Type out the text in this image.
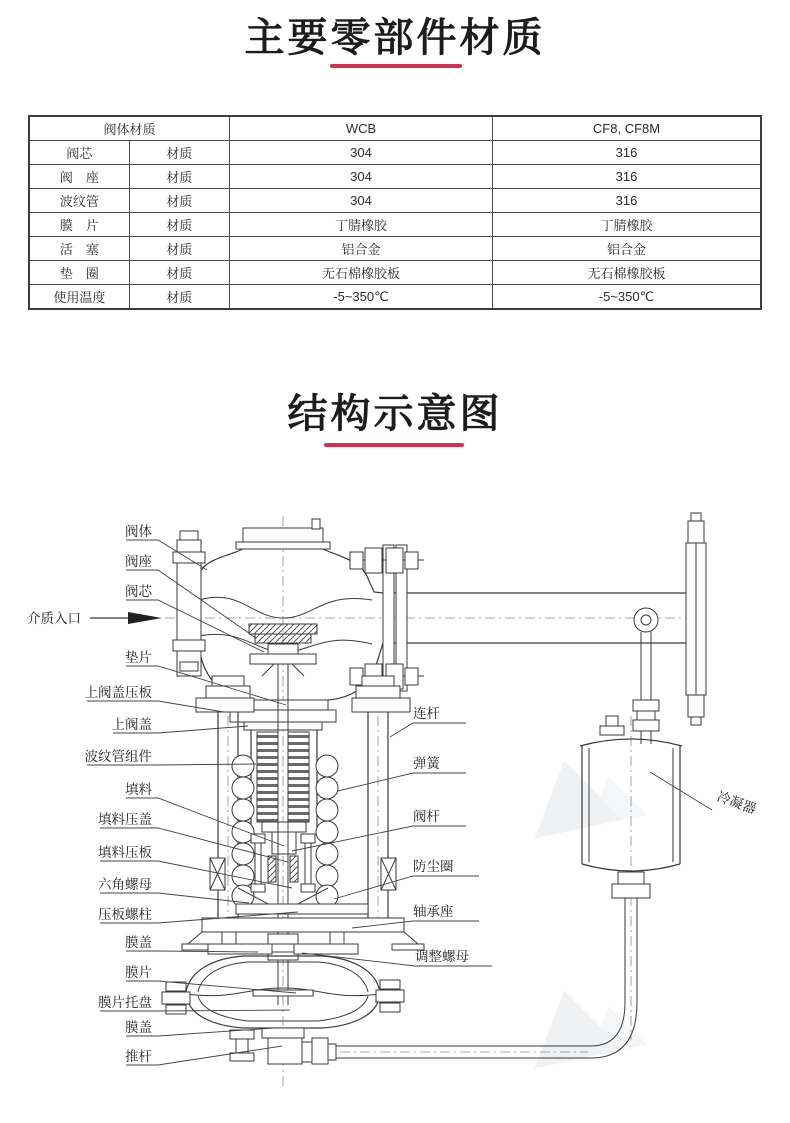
主要零部件材质
阀体材质		WCB	CF8, CF8M
阀芯	材质	304	316
阀　座	材质	304	316
波纹管	材质	304	316
膜　片	材质	丁腈橡胶	丁腈橡胶
活　塞	材质	铝合金	铝合金
垫　圈	材质	无石棉橡胶板	无石棉橡胶板
使用温度	材质	-5~350℃	-5~350℃
结构示意图
介质入口
阀体
阀座
阀芯
垫片
上阀盖压板
上阀盖
波纹管组件
填料
填料压盖
填料压板
六角螺母
压板螺柱
膜盖
膜片
膜片托盘
膜盖
推杆
连杆
弹簧
阀杆
防尘圈
轴承座
调整螺母
冷凝器
